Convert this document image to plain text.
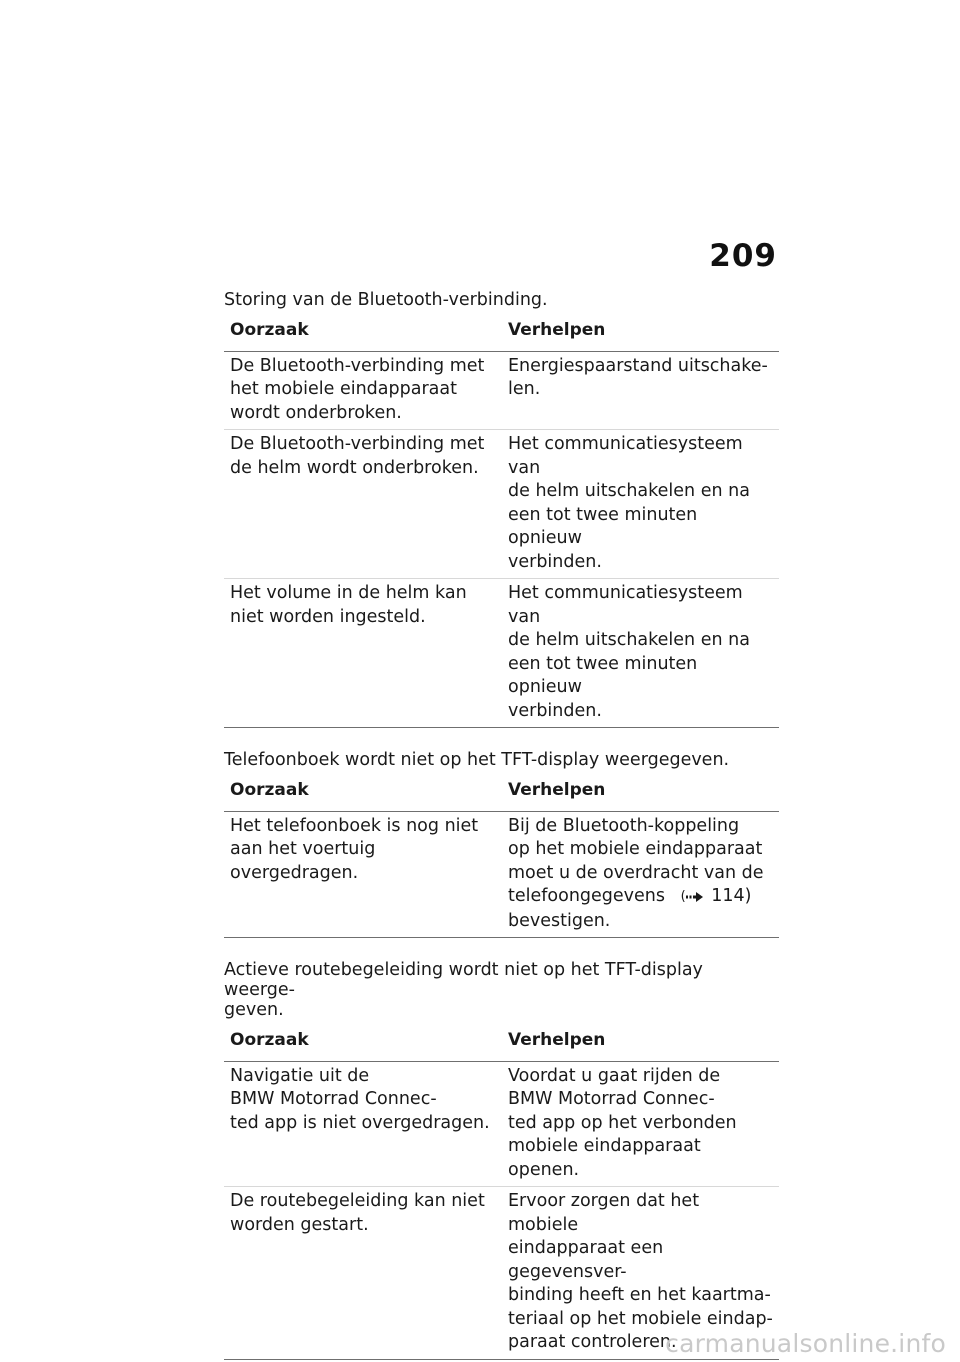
209
Storing van de Bluetooth-verbinding.
Oorzaak	Verhelpen

De Bluetooth-verbinding met
het mobiele eindapparaat
wordt onderbroken.	Energiespaarstand uitschake-
len.

De Bluetooth-verbinding met
de helm wordt onderbroken.	Het communicatiesysteem van
de helm uitschakelen en na
een tot twee minuten opnieuw
verbinden.

Het volume in de helm kan
niet worden ingesteld.	Het communicatiesysteem van
de helm uitschakelen en na
een tot twee minuten opnieuw
verbinden.
Telefoonboek wordt niet op het TFT-display weergegeven.
Oorzaak	Verhelpen

Het telefoonboek is nog niet
aan het voertuig overgedragen.	Bij de Bluetooth-koppeling
op het mobiele eindapparaat
moet u de overdracht van de
telefoongegevens ( 114)
bevestigen.
Actieve routebegeleiding wordt niet op het TFT-display weerge-
geven.
Oorzaak	Verhelpen

Navigatie uit de
BMW Motorrad Connec-
ted app is niet overgedragen.	Voordat u gaat rijden de
BMW Motorrad Connec-
ted app op het verbonden
mobiele eindapparaat openen.

De routebegeleiding kan niet
worden gestart.	Ervoor zorgen dat het mobiele
eindapparaat een gegevensver-
binding heeft en het kaartma-
teriaal op het mobiele eindap-
paraat controleren.
carmanualsonline.info
